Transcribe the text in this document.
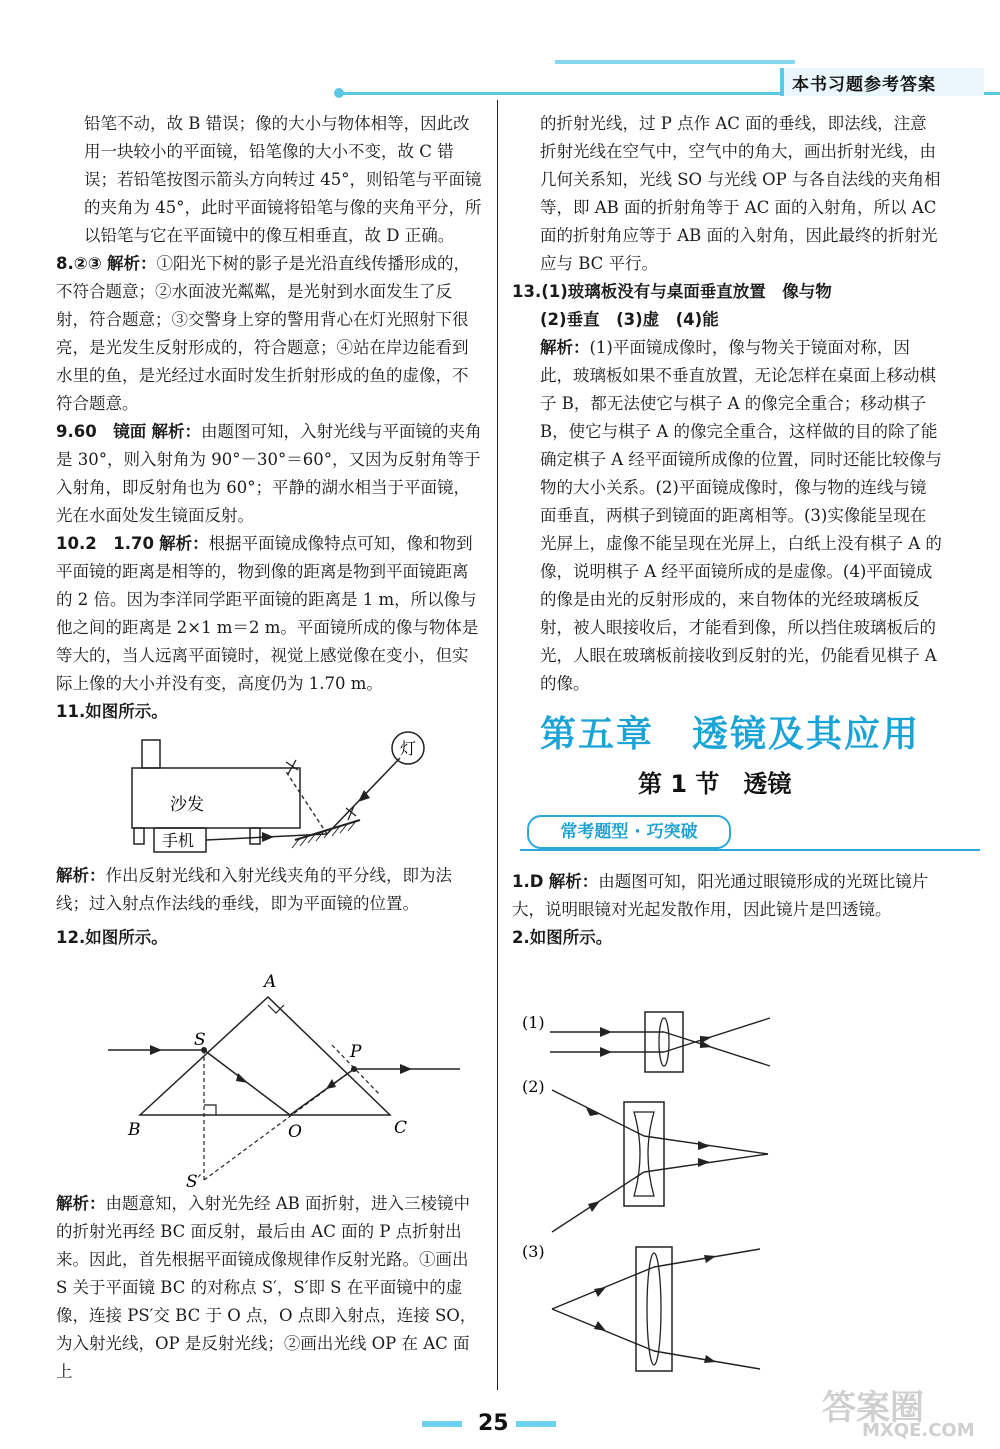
本书习题参考答案

铅笔不动，故 B 错误；像的大小与物体相等，因此改用一块较小的平面镜，铅笔像的大小不变，故 C 错误；若铅笔按图示箭头方向转过 45°，则铅笔与平面镜的夹角为 45°，此时平面镜将铅笔与像的夹角平分，所以铅笔与它在平面镜中的像互相垂直，故 D 正确。

8.②③ 解析：①阳光下树的影子是光沿直线传播形成的，不符合题意；②水面波光粼粼，是光射到水面发生了反射，符合题意；③交警身上穿的警用背心在灯光照射下很亮，是光发生反射形成的，符合题意；④站在岸边能看到水里的鱼，是光经过水面时发生折射形成的鱼的虚像，不符合题意。

9.60　镜面 解析：由题图可知，入射光线与平面镜的夹角是 30°，则入射角为 90°－30°＝60°，又因为反射角等于入射角，即反射角也为 60°；平静的湖水相当于平面镜，光在水面处发生镜面反射。

10.2　1.70 解析：根据平面镜成像特点可知，像和物到平面镜的距离是相等的，物到像的距离是物到平面镜距离的 2 倍。因为李洋同学距平面镜的距离是 1 m，所以像与他之间的距离是 2×1 m＝2 m。平面镜所成的像与物体是等大的，当人远离平面镜时，视觉上感觉像在变小，但实际上像的大小并没有变，高度仍为 1.70 m。

11.如图所示。

沙发
手机
灯

解析：作出反射光线和入射光线夹角的平分线，即为法线；过入射点作法线的垂线，即为平面镜的位置。

12.如图所示。

A
B	C
S
P
O
S′

解析：由题意知，入射光先经 AB 面折射，进入三棱镜中的折射光再经 BC 面反射，最后由 AC 面的 P 点折射出来。因此，首先根据平面镜成像规律作反射光路。①画出 S 关于平面镜 BC 的对称点 S′，S′即 S 在平面镜中的虚像，连接 PS′交 BC 于 O 点，O 点即入射点，连接 SO，为入射光线，OP 是反射光线；②画出光线 OP 在 AC 面上

的折射光线，过 P 点作 AC 面的垂线，即法线，注意折射光线在空气中，空气中的角大，画出折射光线，由几何关系知，光线 SO 与光线 OP 与各自法线的夹角相等，即 AB 面的折射角等于 AC 面的入射角，所以 AC 面的折射角应等于 AB 面的入射角，因此最终的折射光应与 BC 平行。

13.(1)玻璃板没有与桌面垂直放置　像与物

(2)垂直　(3)虚　(4)能

解析：(1)平面镜成像时，像与物关于镜面对称，因此，玻璃板如果不垂直放置，无论怎样在桌面上移动棋子 B，都无法使它与棋子 A 的像完全重合；移动棋子 B，使它与棋子 A 的像完全重合，这样做的目的除了能确定棋子 A 经平面镜所成像的位置，同时还能比较像与物的大小关系。(2)平面镜成像时，像与物的连线与镜面垂直，两棋子到镜面的距离相等。(3)实像能呈现在光屏上，虚像不能呈现在光屏上，白纸上没有棋子 A 的像，说明棋子 A 经平面镜所成的是虚像。(4)平面镜成的像是由光的反射形成的，来自物体的光经玻璃板反射，被人眼接收后，才能看到像，所以挡住玻璃板后的光，人眼在玻璃板前接收到反射的光，仍能看见棋子 A 的像。

第五章　透镜及其应用
第 1 节　透镜
常考题型 · 巧突破

1.D 解析：由题图可知，阳光通过眼镜形成的光斑比镜片大，说明眼镜对光起发散作用，因此镜片是凹透镜。

2.如图所示。

(1)
(2)
(3)
25	答案圈
MXQE.COM
